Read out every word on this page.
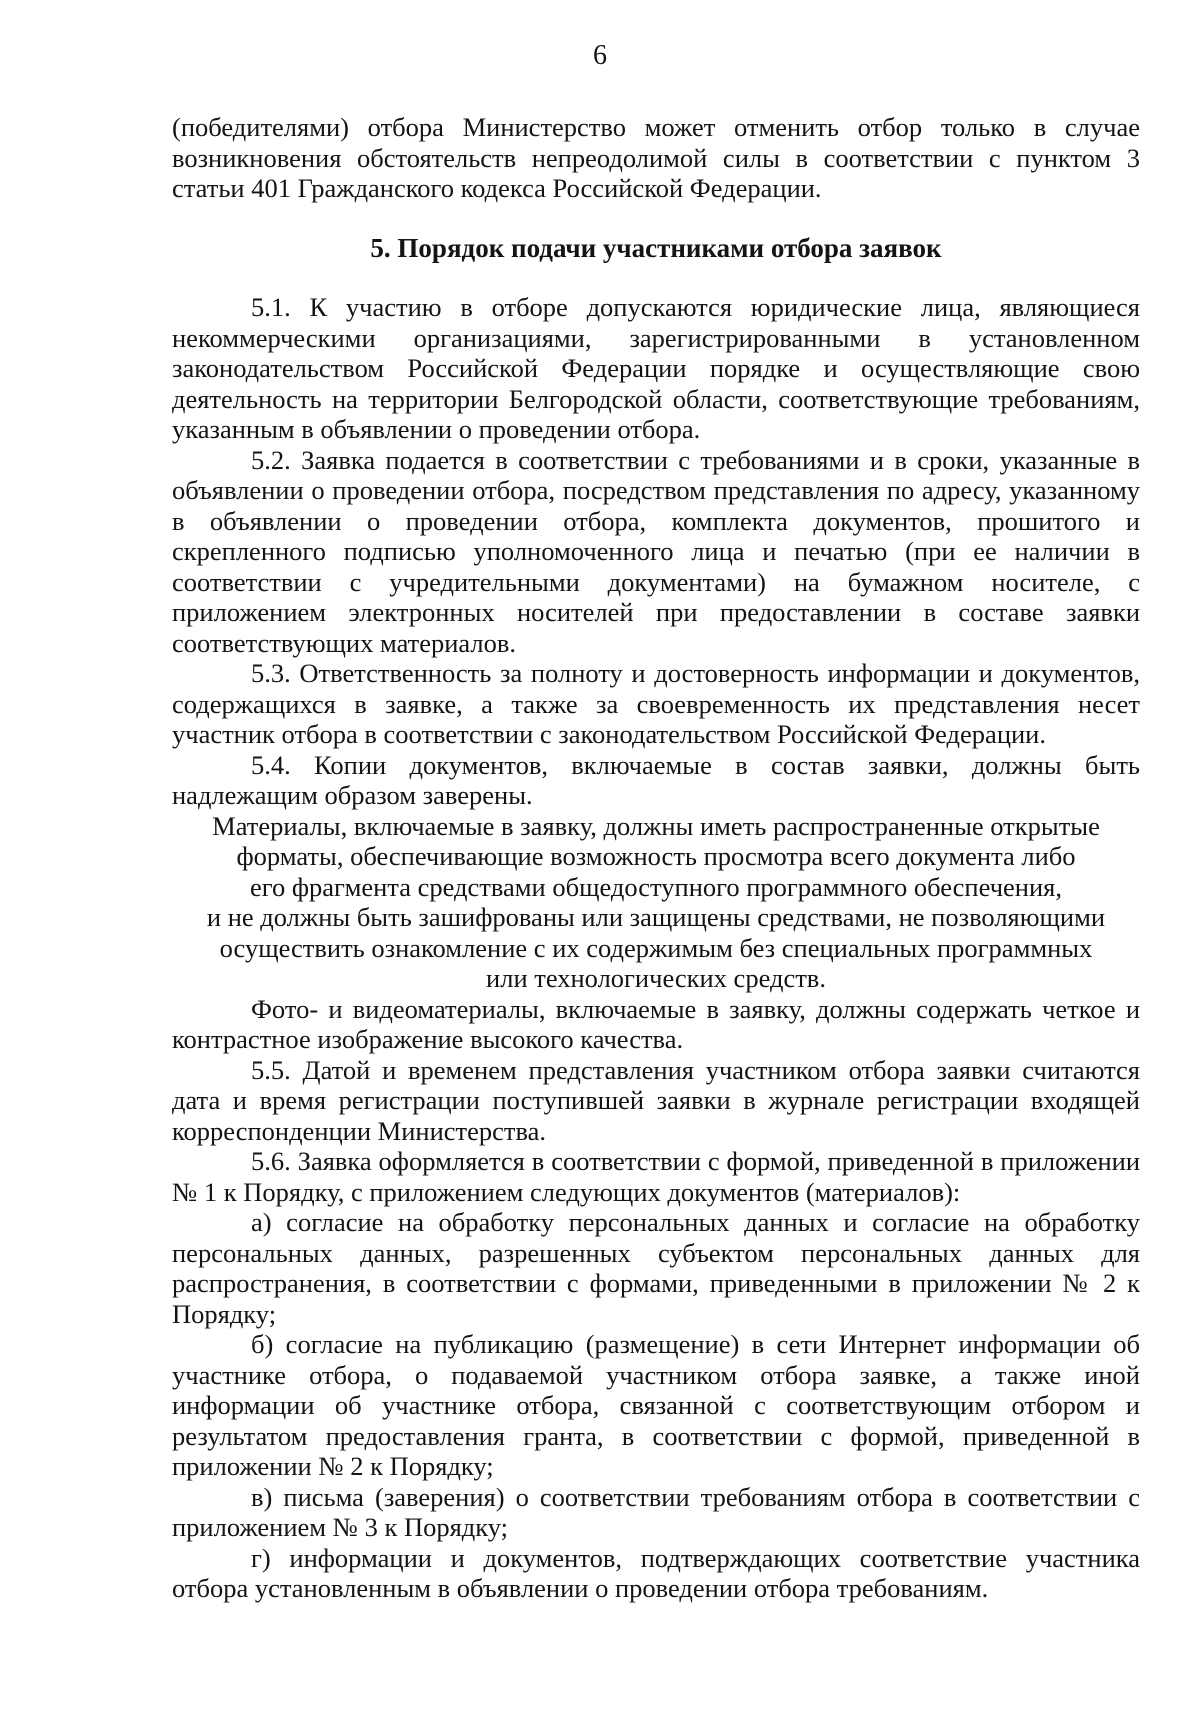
6

(победителями) отбора Министерство может отменить отбор только в случае возникновения обстоятельств непреодолимой силы в соответствии с пунктом 3 статьи 401 Гражданского кодекса Российской Федерации.

5. Порядок подачи участниками отбора заявок

5.1. К участию в отборе допускаются юридические лица, являющиеся некоммерческими организациями, зарегистрированными в установленном законодательством Российской Федерации порядке и осуществляющие свою деятельность на территории Белгородской области, соответствующие требованиям, указанным в объявлении о проведении отбора.

5.2. Заявка подается в соответствии с требованиями и в сроки, указанные в объявлении о проведении отбора, посредством представления по адресу, указанному в объявлении о проведении отбора, комплекта документов, прошитого и скрепленного подписью уполномоченного лица и печатью (при ее наличии в соответствии с учредительными документами) на бумажном носителе, с приложением электронных носителей при предоставлении в составе заявки соответствующих материалов.

5.3. Ответственность за полноту и достоверность информации и документов, содержащихся в заявке, а также за своевременность их представления несет участник отбора в соответствии с законодательством Российской Федерации.

5.4. Копии документов, включаемые в состав заявки, должны быть надлежащим образом заверены.

Материалы, включаемые в заявку, должны иметь распространенные открытые
форматы, обеспечивающие возможность просмотра всего документа либо
его фрагмента средствами общедоступного программного обеспечения,
и не должны быть зашифрованы или защищены средствами, не позволяющими
осуществить ознакомление с их содержимым без специальных программных
или технологических средств.

Фото- и видеоматериалы, включаемые в заявку, должны содержать четкое и контрастное изображение высокого качества.

5.5. Датой и временем представления участником отбора заявки считаются дата и время регистрации поступившей заявки в журнале регистрации входящей корреспонденции Министерства.

5.6. Заявка оформляется в соответствии с формой, приведенной в приложении № 1 к Порядку, с приложением следующих документов (материалов):

а) согласие на обработку персональных данных и согласие на обработку персональных данных, разрешенных субъектом персональных данных для распространения, в соответствии с формами, приведенными в приложении № 2 к Порядку;

б) согласие на публикацию (размещение) в сети Интернет информации об участнике отбора, о подаваемой участником отбора заявке, а также иной информации об участнике отбора, связанной с соответствующим отбором и результатом предоставления гранта, в соответствии с формой, приведенной в приложении № 2 к Порядку;

в) письма (заверения) о соответствии требованиям отбора в соответствии с приложением № 3 к Порядку;

г) информации и документов, подтверждающих соответствие участника отбора установленным в объявлении о проведении отбора требованиям.
